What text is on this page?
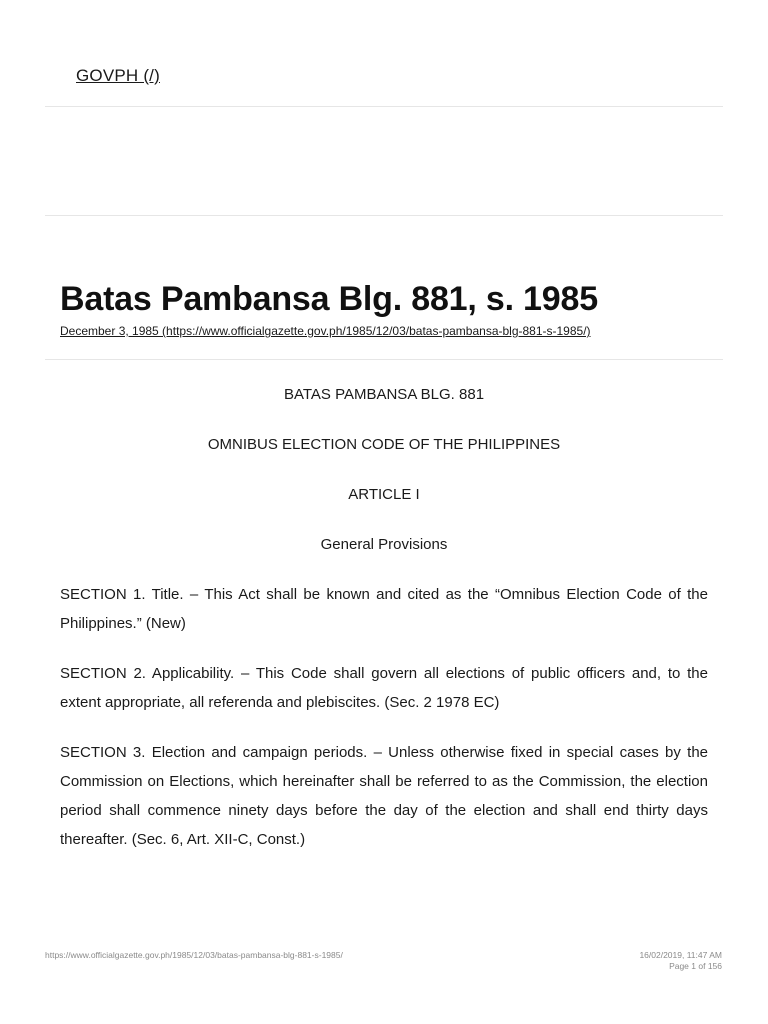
GOVPH (/)
Batas Pambansa Blg. 881, s. 1985
December 3, 1985 (https://www.officialgazette.gov.ph/1985/12/03/batas-pambansa-blg-881-s-1985/)

BATAS PAMBANSA BLG. 881

OMNIBUS ELECTION CODE OF THE PHILIPPINES

ARTICLE I

General Provisions

SECTION 1. Title. – This Act shall be known and cited as the “Omnibus Election Code of the Philippines.” (New)

SECTION 2. Applicability. – This Code shall govern all elections of public officers and, to the extent appropriate, all referenda and plebiscites. (Sec. 2 1978 EC)

SECTION 3. Election and campaign periods. – Unless otherwise fixed in special cases by the Commission on Elections, which hereinafter shall be referred to as the Commission, the election period shall commence ninety days before the day of the election and shall end thirty days thereafter. (Sec. 6, Art. XII-C, Const.)

https://www.officialgazette.gov.ph/1985/12/03/batas-pambansa-blg-881-s-1985/	16/02/2019, 11:47 AM
Page 1 of 156
